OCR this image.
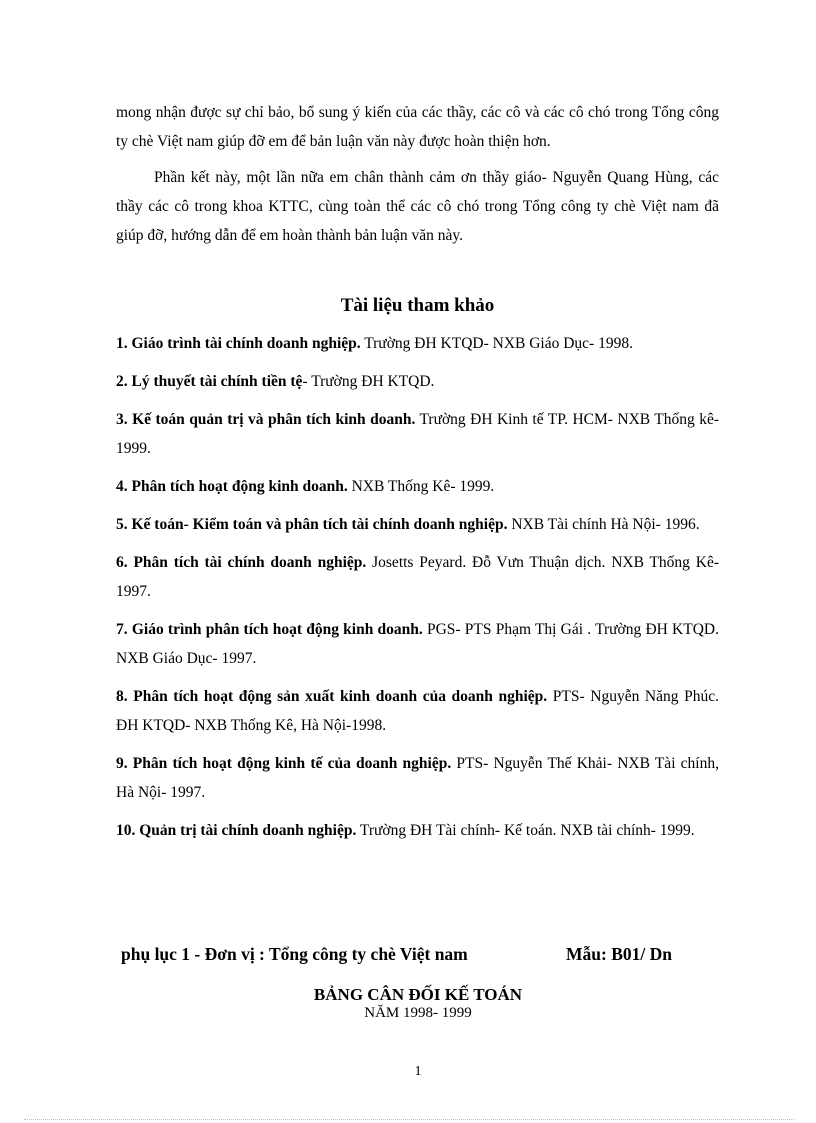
mong nhận được sự chỉ bảo, bổ sung ý kiến của các thầy, các cô và các cô chó trong Tổng công ty chè Việt nam giúp đỡ em để bản luận văn này được hoàn thiện hơn.
Phần kết này, một lần nữa em chân thành cảm ơn thầy giáo- Nguyễn Quang Hùng, các thầy các cô trong khoa KTTC, cùng toàn thể các cô chó trong Tổng công ty chè Việt nam đã giúp đỡ, hướng dẫn để em hoàn thành bản luận văn này.
Tài liệu tham khảo

1. Giáo trình tài chính doanh nghiệp. Trường ĐH KTQD- NXB Giáo Dục- 1998.

2. Lý thuyết tài chính tiền tệ- Trường ĐH KTQD.

3. Kế toán quản trị và phân tích kinh doanh. Trường ĐH Kinh tế TP. HCM- NXB Thống kê- 1999.

4. Phân tích hoạt động kinh doanh. NXB Thống Kê- 1999.

5. Kế toán- Kiểm toán và phân tích tài chính doanh nghiệp. NXB Tài chính Hà Nội- 1996.

6. Phân tích tài chính doanh nghiệp. Josetts Peyard. Đỗ Vưn Thuận dịch. NXB Thống Kê- 1997.

7. Giáo trình phân tích hoạt động kinh doanh. PGS- PTS Phạm Thị Gái . Trường ĐH KTQD. NXB Giáo Dục- 1997.

8. Phân tích hoạt động sản xuất kinh doanh của doanh nghiệp. PTS- Nguyễn Năng Phúc. ĐH KTQD- NXB Thống Kê, Hà Nội-1998.

9. Phân tích hoạt động kinh tế của doanh nghiệp. PTS- Nguyễn Thế Khải- NXB Tài chính, Hà Nội- 1997.

10. Quản trị tài chính doanh nghiệp. Trường ĐH Tài chính- Kế toán. NXB tài chính- 1999.

phụ lục 1 - Đơn vị : Tổng công ty chè Việt nam	Mẫu: B01/ Dn
BẢNG CÂN ĐỐI KẾ TOÁN
NĂM 1998- 1999
1
